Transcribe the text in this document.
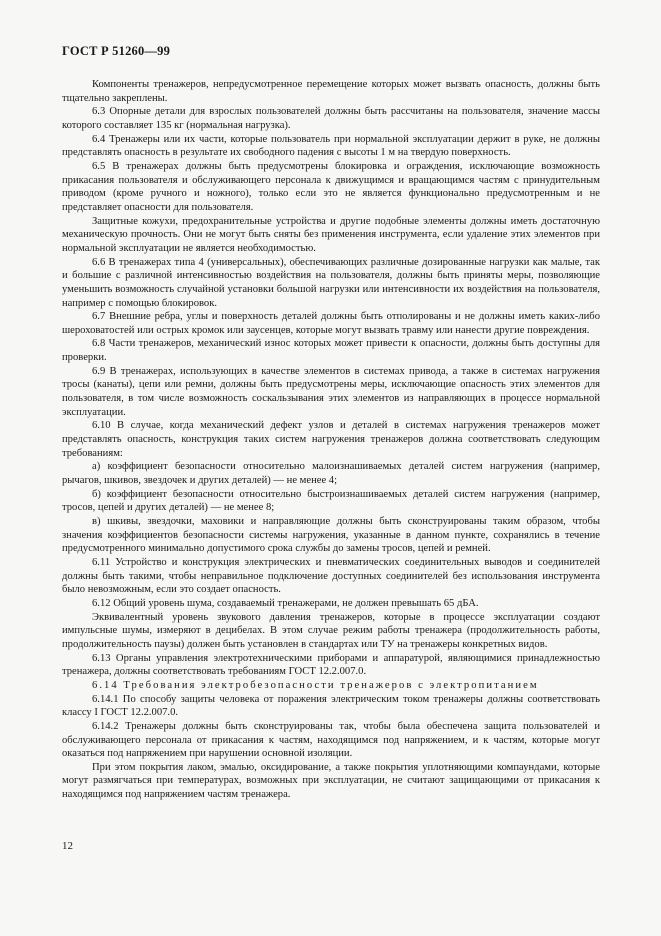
ГОСТ Р 51260—99

Компоненты тренажеров, непредусмотренное перемещение которых может вызвать опасность, должны быть тщательно закреплены.

6.3 Опорные детали для взрослых пользователей должны быть рассчитаны на пользователя, значение массы которого составляет 135 кг (нормальная нагрузка).

6.4 Тренажеры или их части, которые пользователь при нормальной эксплуатации держит в руке, не должны представлять опасность в результате их свободного падения с высоты 1 м на твердую поверхность.

6.5 В тренажерах должны быть предусмотрены блокировка и ограждения, исключающие возможность прикасания пользователя и обслуживающего персонала к движущимся и вращающимся частям с принудительным приводом (кроме ручного и ножного), только если это не является функционально предусмотренным и не представляет опасности для пользователя.

Защитные кожухи, предохранительные устройства и другие подобные элементы должны иметь достаточную механическую прочность. Они не могут быть сняты без применения инструмента, если удаление этих элементов при нормальной эксплуатации не является необходимостью.

6.6 В тренажерах типа 4 (универсальных), обеспечивающих различные дозированные нагрузки как малые, так и большие с различной интенсивностью воздействия на пользователя, должны быть приняты меры, позволяющие уменьшить возможность случайной установки большой нагрузки или интенсивности их воздействия на пользователя, например с помощью блокировок.

6.7 Внешние ребра, углы и поверхность деталей должны быть отполированы и не должны иметь каких-либо шероховатостей или острых кромок или заусенцев, которые могут вызвать травму или нанести другие повреждения.

6.8 Части тренажеров, механический износ которых может привести к опасности, должны быть доступны для проверки.

6.9 В тренажерах, использующих в качестве элементов в системах привода, а также в системах нагружения тросы (канаты), цепи или ремни, должны быть предусмотрены меры, исключающие опасность этих элементов для пользователя, в том числе возможность соскальзывания этих элементов из направляющих в процессе нормальной эксплуатации.

6.10 В случае, когда механический дефект узлов и деталей в системах нагружения тренажеров может представлять опасность, конструкция таких систем нагружения тренажеров должна соответствовать следующим требованиям:

а) коэффициент безопасности относительно малоизнашиваемых деталей систем нагружения (например, рычагов, шкивов, звездочек и других деталей) — не менее 4;

б) коэффициент безопасности относительно быстроизнашиваемых деталей систем нагружения (например, тросов, цепей и других деталей) — не менее 8;

в) шкивы, звездочки, маховики и направляющие должны быть сконструированы таким образом, чтобы значения коэффициентов безопасности системы нагружения, указанные в данном пункте, сохранялись в течение предусмотренного минимально допустимого срока службы до замены тросов, цепей и ремней.

6.11 Устройство и конструкция электрических и пневматических соединительных выводов и соединителей должны быть такими, чтобы неправильное подключение доступных соединителей без использования инструмента было невозможным, если это создает опасность.

6.12 Общий уровень шума, создаваемый тренажерами, не должен превышать 65 дБА.

Эквивалентный уровень звукового давления тренажеров, которые в процессе эксплуатации создают импульсные шумы, измеряют в децибелах. В этом случае режим работы тренажера (продолжительность работы, продолжительность паузы) должен быть установлен в стандартах или ТУ на тренажеры конкретных видов.

6.13 Органы управления электротехническими приборами и аппаратурой, являющимися принадлежностью тренажера, должны соответствовать требованиям ГОСТ 12.2.007.0.

6.14 Требования электробезопасности тренажеров с электропитанием

6.14.1 По способу защиты человека от поражения электрическим током тренажеры должны соответствовать классу I ГОСТ 12.2.007.0.

6.14.2 Тренажеры должны быть сконструированы так, чтобы была обеспечена защита пользователей и обслуживающего персонала от прикасания к частям, находящимся под напряжением, и к частям, которые могут оказаться под напряжением при нарушении основной изоляции.

При этом покрытия лаком, эмалью, оксидирование, а также покрытия уплотняющими компаундами, которые могут размягчаться при температурах, возможных при эксплуатации, не считают защищающими от прикасания к находящимся под напряжением частям тренажера.

12
